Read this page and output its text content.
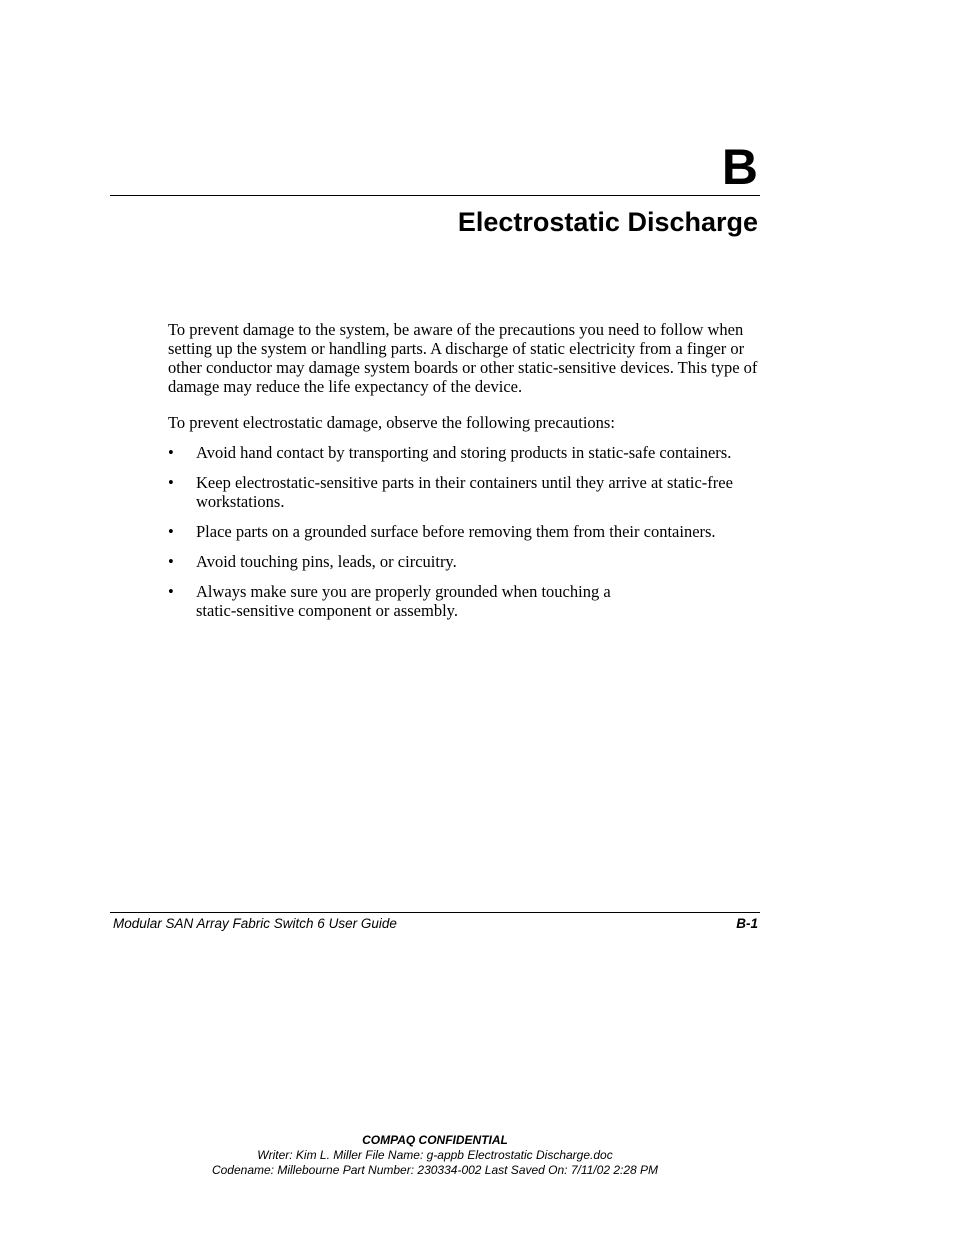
B
Electrostatic Discharge

To prevent damage to the system, be aware of the precautions you need to follow when setting up the system or handling parts. A discharge of static electricity from a finger or other conductor may damage system boards or other static-sensitive devices. This type of damage may reduce the life expectancy of the device.

To prevent electrostatic damage, observe the following precautions:

•	Avoid hand contact by transporting and storing products in static-safe containers.
•	Keep electrostatic-sensitive parts in their containers until they arrive at static-free workstations.
•	Place parts on a grounded surface before removing them from their containers.
•	Avoid touching pins, leads, or circuitry.
•	Always make sure you are properly grounded when touching a static-sensitive component or assembly.
Modular SAN Array Fabric Switch 6 User Guide	B-1
COMPAQ CONFIDENTIAL
Writer: Kim L. Miller File Name: g-appb Electrostatic Discharge.doc
Codename: Millebourne Part Number: 230334-002 Last Saved On: 7/11/02 2:28 PM
